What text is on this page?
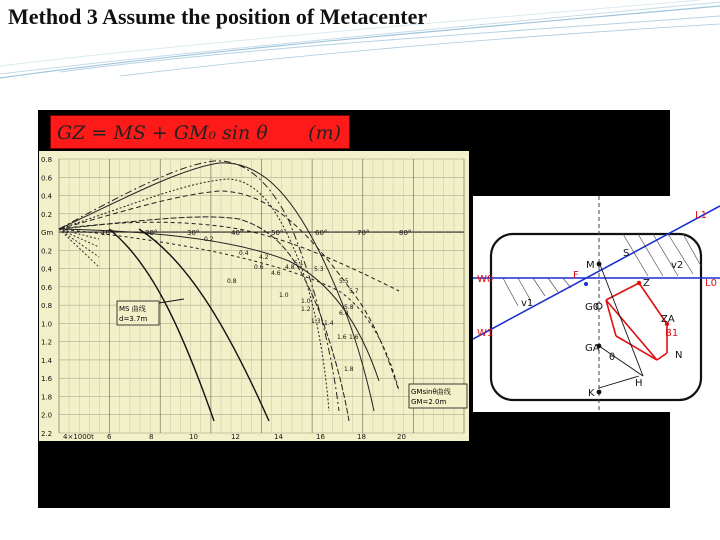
Method 3 Assume the position of Metacenter
GZ = MS + GM₀ sin θ (m)
0.8
0.6
0.4
0.2
Gm
0.2
0.4
0.6
0.8
1.0
1.2
1.4
1.6
1.8
2.0
2.2 4×1000t 6	8	10	12	14	16	18	20
10°	20°	30°	40°	50°	60°	70°	80°
0.2
0.4
0.6
0.8
1.0
1.2
1.4
1.6
1.8
4.2
4.6
4.8
5.1
5.3
5.5
5.7
5.8
6.0
1.0
1.3
1.6
MS 曲线
d=3.7m
GMsinθ曲线
GM=2.0m
L1
L0
W0
W1
M
S
F
Z
v2
v1	G0
ZA
B1
GA
θ	N
H
K
